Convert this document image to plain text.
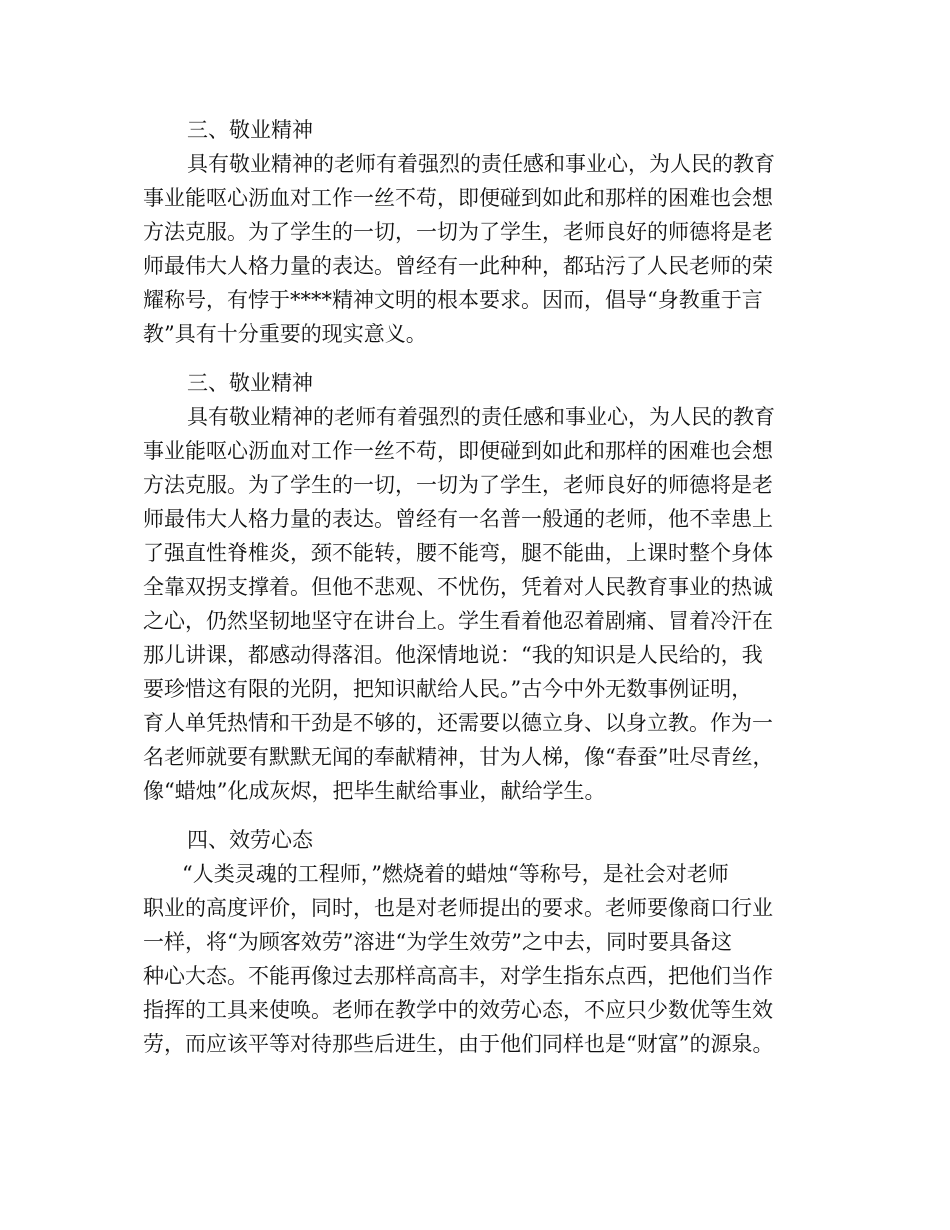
三、敬业精神
具有敬业精神的老师有着强烈的责任感和事业心，为人民的教育
事业能呕心沥血对工作一丝不苟，即便碰到如此和那样的困难也会想
方法克服。为了学生的一切，一切为了学生，老师良好的师德将是老
师最伟大人格力量的表达。曾经有一此种种，都玷污了人民老师的荣
耀称号，有悖于****精神文明的根本要求。因而，倡导“身教重于言
教”具有十分重要的现实意义。
三、敬业精神
具有敬业精神的老师有着强烈的责任感和事业心，为人民的教育
事业能呕心沥血对工作一丝不苟，即便碰到如此和那样的困难也会想
方法克服。为了学生的一切，一切为了学生，老师良好的师德将是老
师最伟大人格力量的表达。曾经有一名普一般通的老师，他不幸患上
了强直性脊椎炎，颈不能转，腰不能弯，腿不能曲，上课时整个身体
全靠双拐支撑着。但他不悲观、不忧伤，凭着对人民教育事业的热诚
之心，仍然坚韧地坚守在讲台上。学生看着他忍着剧痛、冒着冷汗在
那儿讲课，都感动得落泪。他深情地说：“我的知识是人民给的，我
要珍惜这有限的光阴，把知识献给人民。”古今中外无数事例证明，
育人单凭热情和干劲是不够的，还需要以德立身、以身立教。作为一
名老师就要有默默无闻的奉献精神，甘为人梯，像“春蚕”吐尽青丝，
像“蜡烛”化成灰烬，把毕生献给事业，献给学生。
四、效劳心态
“人类灵魂的工程师，”燃烧着的蜡烛“等称号，是社会对老师
职业的高度评价，同时，也是对老师提出的要求。老师要像商口行业
一样，将“为顾客效劳”溶进“为学生效劳”之中去，同时要具备这
种心大态。不能再像过去那样高高丰，对学生指东点西，把他们当作
指挥的工具来使唤。老师在教学中的效劳心态，不应只少数优等生效
劳，而应该平等对待那些后进生，由于他们同样也是“财富”的源泉。
